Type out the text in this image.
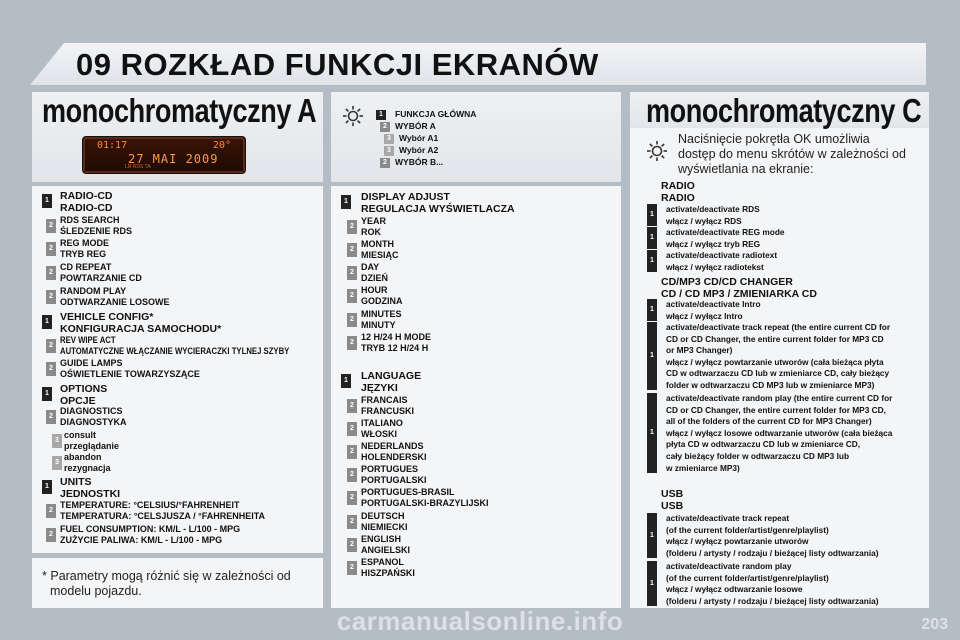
09 ROZKŁAD FUNKCJI EKRANÓW
monochromatyczny A
01:17	20°
27 MAI 2009
LR RDS TA
1 RADIO-CD
RADIO-CD
2
RDS SEARCH
ŚLEDZENIE RDS
2
REG MODE
TRYB REG
2
CD REPEAT
POWTARZANIE CD
2
RANDOM PLAY
ODTWARZANIE LOSOWE
1 VEHICLE CONFIG*
KONFIGURACJA SAMOCHODU*
2
REV WIPE ACT
AUTOMATYCZNE WŁĄCZANIE WYCIERACZKI TYLNEJ SZYBY
2
GUIDE LAMPS
OŚWIETLENIE TOWARZYSZĄCE
1 OPTIONS
OPCJE
2
DIAGNOSTICS
DIAGNOSTYKA
3
consult
przeglądanie
3
abandon
rezygnacja
1 UNITS
JEDNOSTKI
2
TEMPERATURE: °CELSIUS/°FAHRENHEIT
TEMPERATURA: °CELSJUSZA / °FAHRENHEITA
2
FUEL CONSUMPTION: KM/L - L/100 - MPG
ZUŻYCIE PALIWA: KM/L - L/100 - MPG
* Parametry mogą różnić się w zależności od
modelu pojazdu.
1	FUNKCJA GŁÓWNA
2 WYBÓR A
3 Wybór A1
3 Wybór A2
2 WYBÓR B...
1 DISPLAY ADJUST
REGULACJA WYŚWIETLACZA
2
YEAR
ROK
2
MONTH
MIESIĄC
2
DAY
DZIEŃ
2
HOUR
GODZINA
2
MINUTES
MINUTY
2
12 H/24 H MODE
TRYB 12 H/24 H
1 LANGUAGE
JĘZYKI
2
FRANCAIS
FRANCUSKI
2
ITALIANO
WŁOSKI
2
NEDERLANDS
HOLENDERSKI
2
PORTUGUES
PORTUGALSKI
2
PORTUGUES-BRASIL
PORTUGALSKI-BRAZYLIJSKI
2
DEUTSCH
NIEMIECKI
2
ENGLISH
ANGIELSKI
2
ESPANOL
HISZPAŃSKI
monochromatyczny C
Naciśnięcie pokrętła OK umożliwia
dostęp do menu skrótów w zależności od
wyświetlania na ekranie:
RADIO
RADIO
1
activate/deactivate RDS
włącz / wyłącz RDS
1
activate/deactivate REG mode
włącz / wyłącz tryb REG
1
activate/deactivate radiotext
włącz / wyłącz radiotekst
CD/MP3 CD/CD CHANGER
CD / CD MP3 / ZMIENIARKA CD
1
activate/deactivate Intro
włącz / wyłącz Intro
1
activate/deactivate track repeat (the entire current CD for
CD or CD Changer, the entire current folder for MP3 CD
or MP3 Changer)
włącz / wyłącz powtarzanie utworów (cała bieżąca płyta
CD w odtwarzaczu CD lub w zmieniarce CD, cały bieżący
folder w odtwarzaczu CD MP3 lub w zmieniarce MP3)
1
activate/deactivate random play (the entire current CD for
CD or CD Changer, the entire current folder for MP3 CD,
all of the folders of the current CD for MP3 Changer)
włącz / wyłącz losowe odtwarzanie utworów (cała bieżąca
płyta CD w odtwarzaczu CD lub w zmieniarce CD,
cały bieżący folder w odtwarzaczu CD MP3 lub
w zmieniarce MP3)
USB
USB
1
activate/deactivate track repeat
(of the current folder/artist/genre/playlist)
włącz / wyłącz powtarzanie utworów
(folderu / artysty / rodzaju / bieżącej listy odtwarzania)
1
activate/deactivate random play
(of the current folder/artist/genre/playlist)
włącz / wyłącz odtwarzanie losowe
(folderu / artysty / rodzaju / bieżącej listy odtwarzania)
carmanualsonline.info	203
